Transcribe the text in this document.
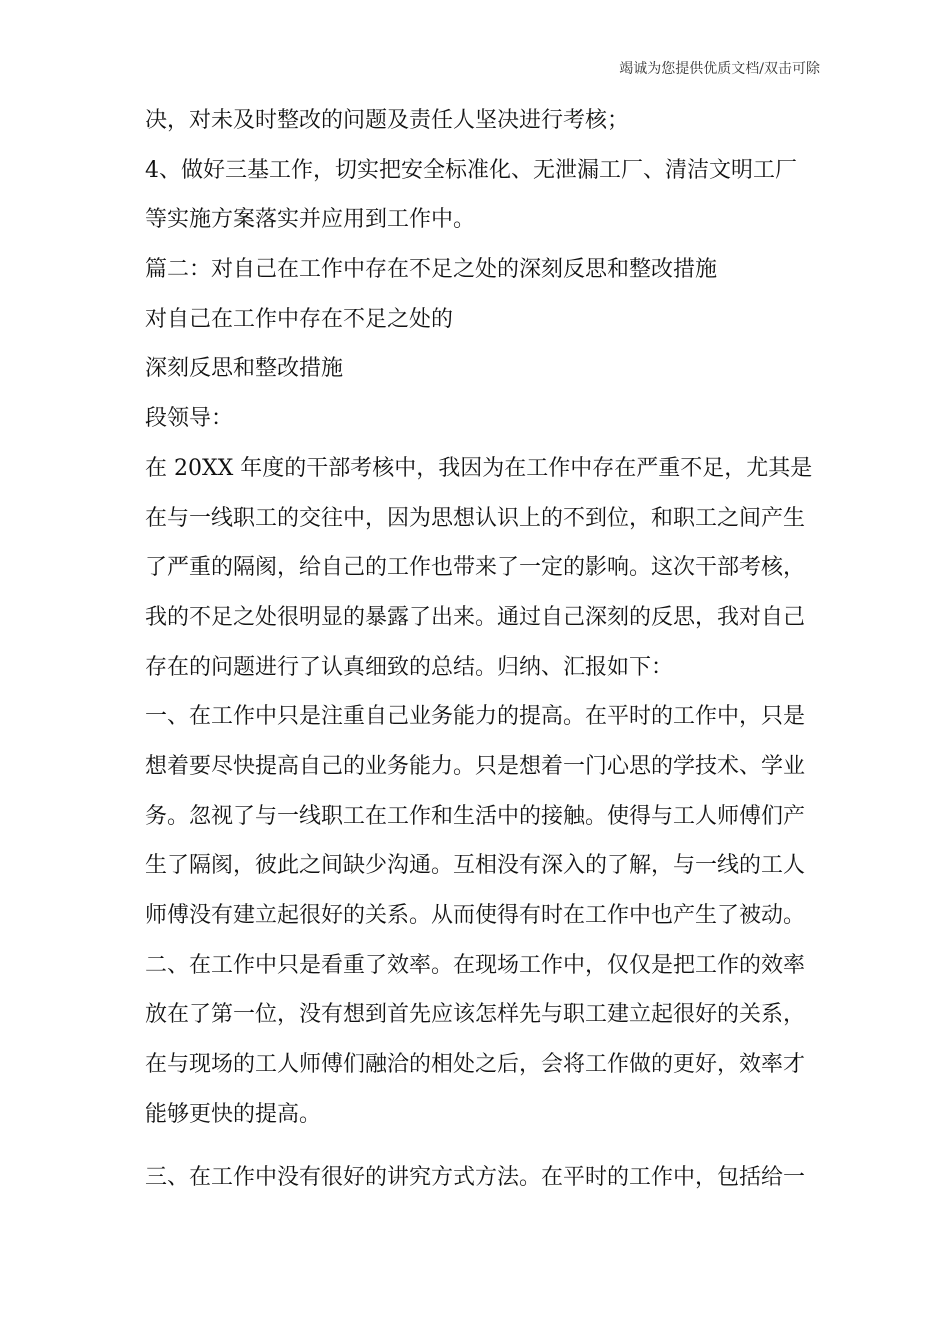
竭诚为您提供优质文档/双击可除
决，对未及时整改的问题及责任人坚决进行考核；
4、做好三基工作，切实把安全标准化、无泄漏工厂、清洁文明工厂
等实施方案落实并应用到工作中。
篇二：对自己在工作中存在不足之处的深刻反思和整改措施
对自己在工作中存在不足之处的
深刻反思和整改措施
段领导：
在 20XX 年度的干部考核中，我因为在工作中存在严重不足，尤其是
在与一线职工的交往中，因为思想认识上的不到位，和职工之间产生
了严重的隔阂，给自己的工作也带来了一定的影响。这次干部考核，
我的不足之处很明显的暴露了出来。通过自己深刻的反思，我对自己
存在的问题进行了认真细致的总结。归纳、汇报如下：
一、在工作中只是注重自己业务能力的提高。在平时的工作中，只是
想着要尽快提高自己的业务能力。只是想着一门心思的学技术、学业
务。忽视了与一线职工在工作和生活中的接触。使得与工人师傅们产
生了隔阂，彼此之间缺少沟通。互相没有深入的了解，与一线的工人
师傅没有建立起很好的关系。从而使得有时在工作中也产生了被动。
二、在工作中只是看重了效率。在现场工作中，仅仅是把工作的效率
放在了第一位，没有想到首先应该怎样先与职工建立起很好的关系，
在与现场的工人师傅们融洽的相处之后，会将工作做的更好，效率才
能够更快的提高。
三、在工作中没有很好的讲究方式方法。在平时的工作中，包括给一
